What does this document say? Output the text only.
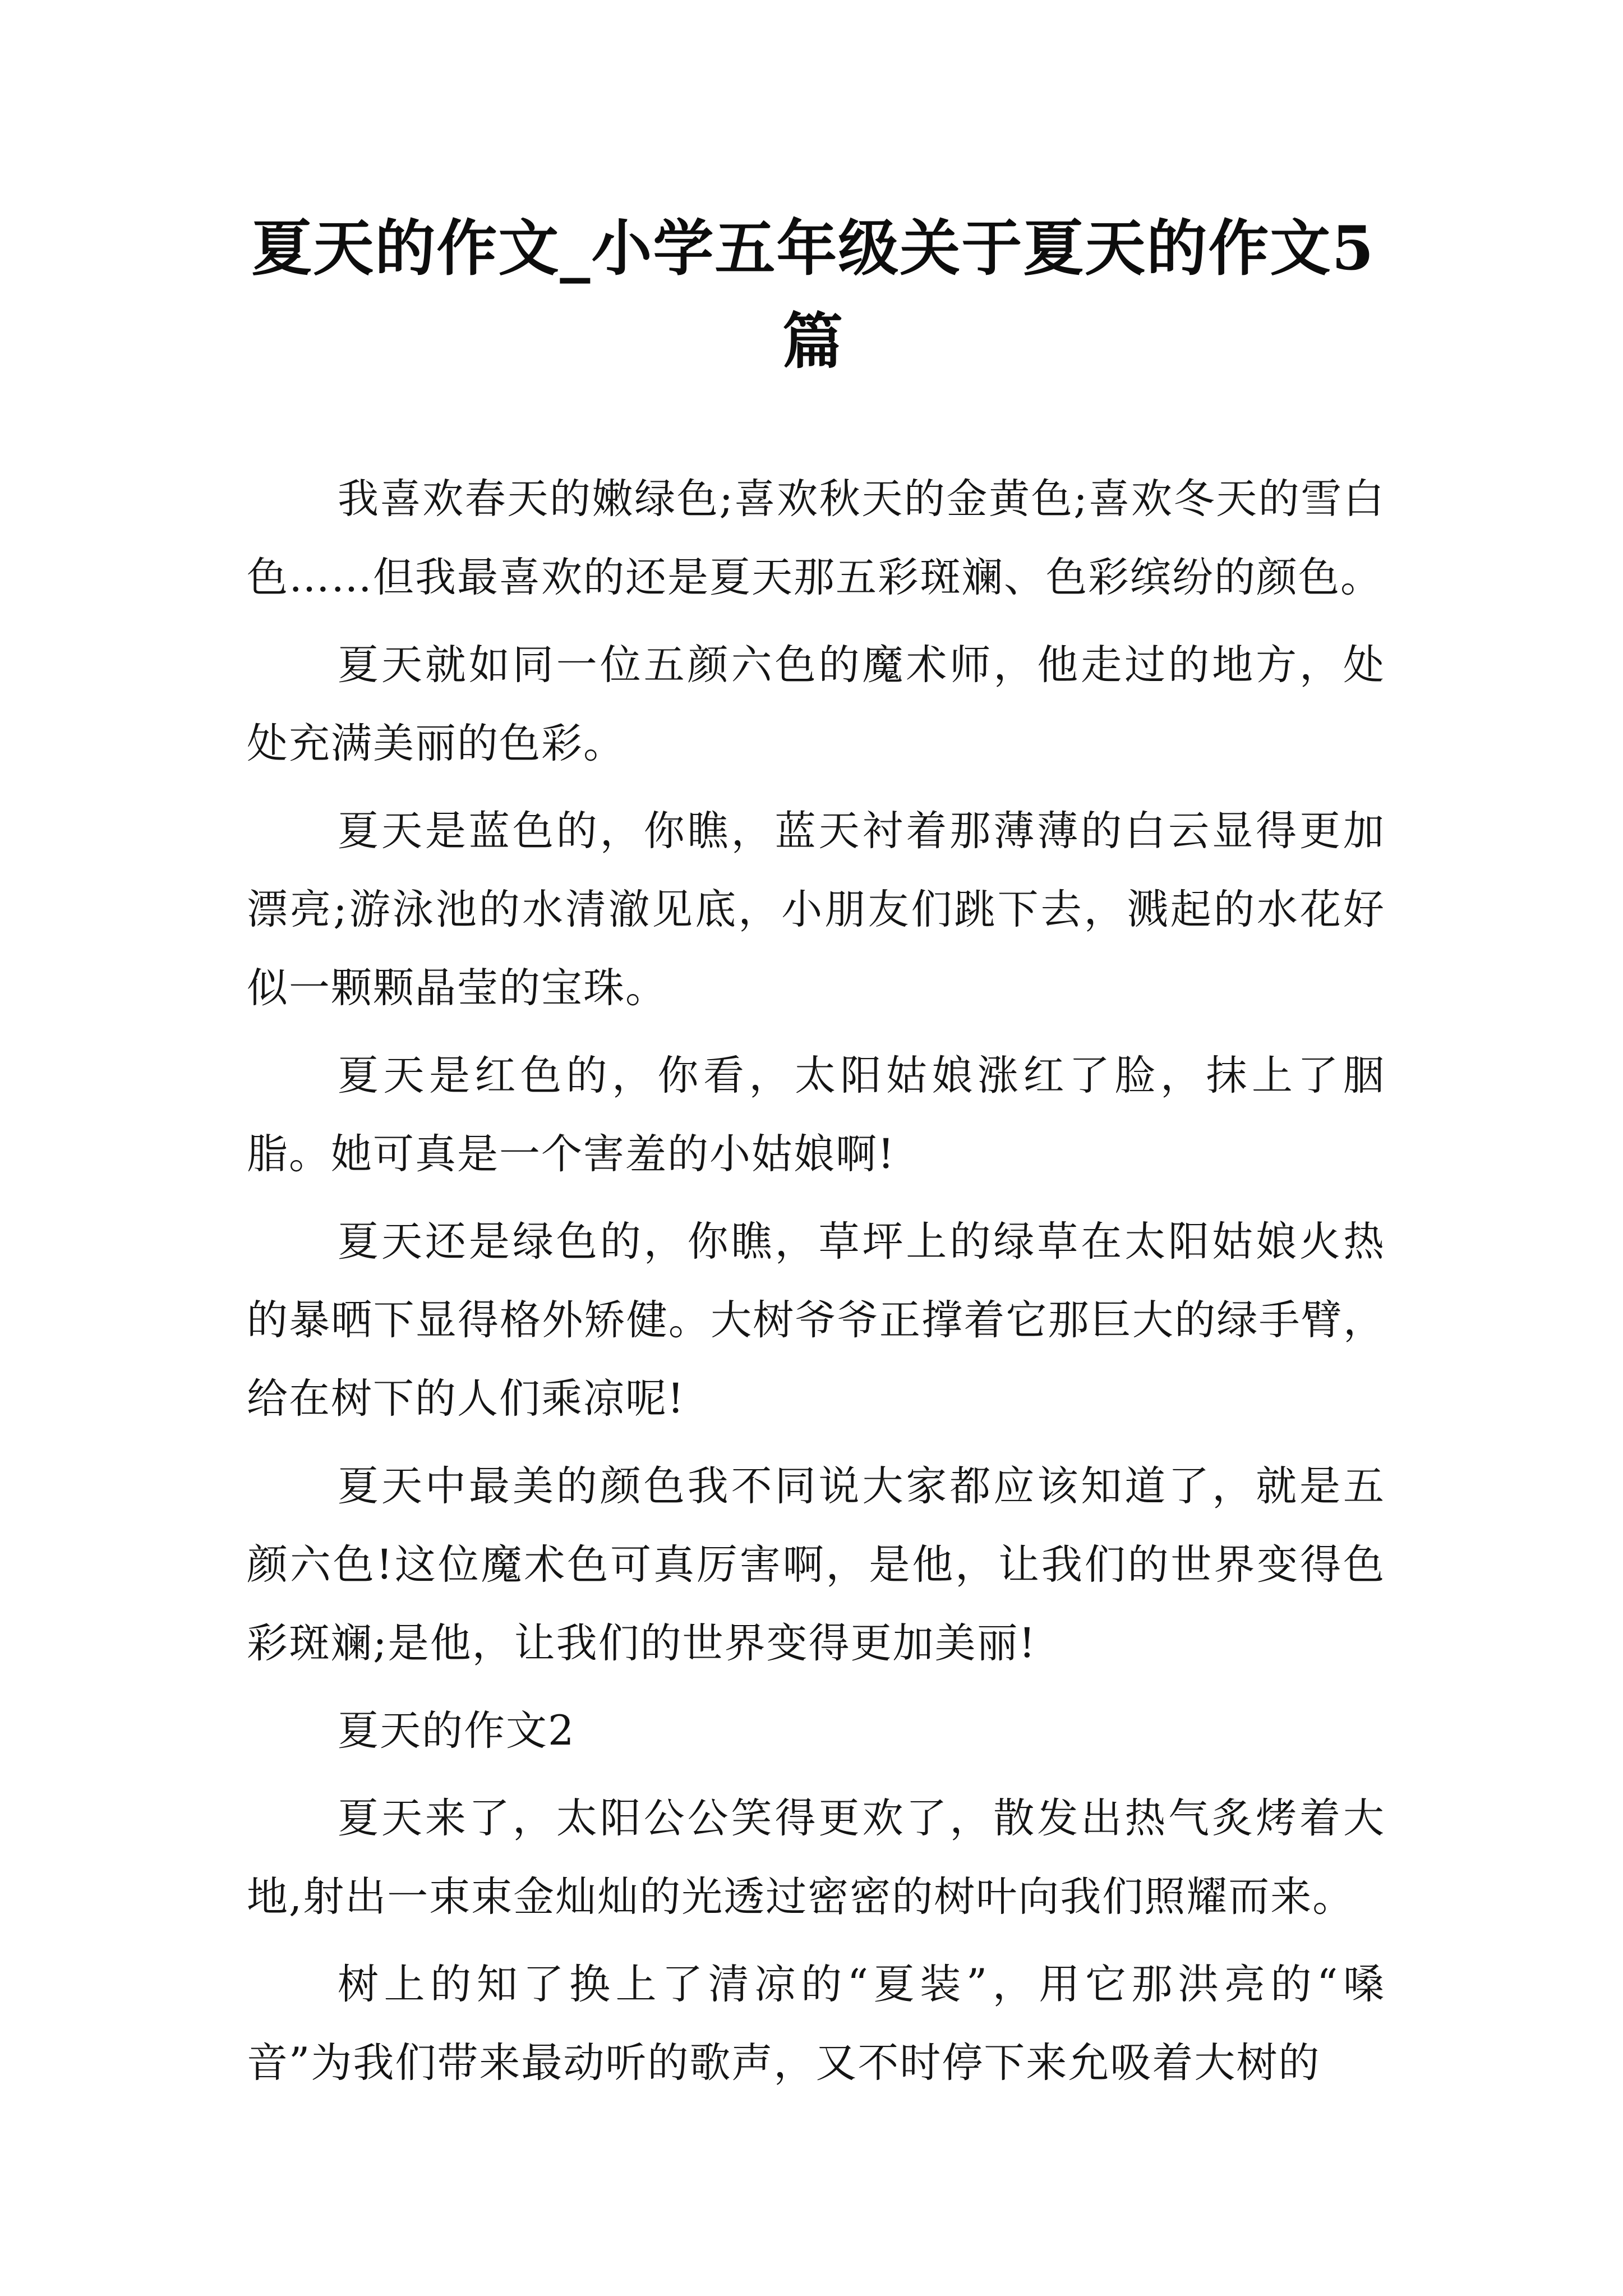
夏天的作文_小学五年级关于夏天的作文5篇

我喜欢春天的嫩绿色;喜欢秋天的金黄色;喜欢冬天的雪白色……但我最喜欢的还是夏天那五彩斑斓、色彩缤纷的颜色。

夏天就如同一位五颜六色的魔术师，他走过的地方，处处充满美丽的色彩。

夏天是蓝色的，你瞧，蓝天衬着那薄薄的白云显得更加漂亮;游泳池的水清澈见底，小朋友们跳下去，溅起的水花好似一颗颗晶莹的宝珠。

夏天是红色的，你看，太阳姑娘涨红了脸，抹上了胭脂。她可真是一个害羞的小姑娘啊!

夏天还是绿色的，你瞧，草坪上的绿草在太阳姑娘火热的暴晒下显得格外矫健。大树爷爷正撑着它那巨大的绿手臂，给在树下的人们乘凉呢!

夏天中最美的颜色我不同说大家都应该知道了，就是五颜六色!这位魔术色可真厉害啊，是他，让我们的世界变得色彩斑斓;是他，让我们的世界变得更加美丽!

夏天的作文2

夏天来了，太阳公公笑得更欢了，散发出热气炙烤着大地,射出一束束金灿灿的光透过密密的树叶向我们照耀而来。

树上的知了换上了清凉的“夏装”，用它那洪亮的“嗓音”为我们带来最动听的歌声，又不时停下来允吸着大树的
